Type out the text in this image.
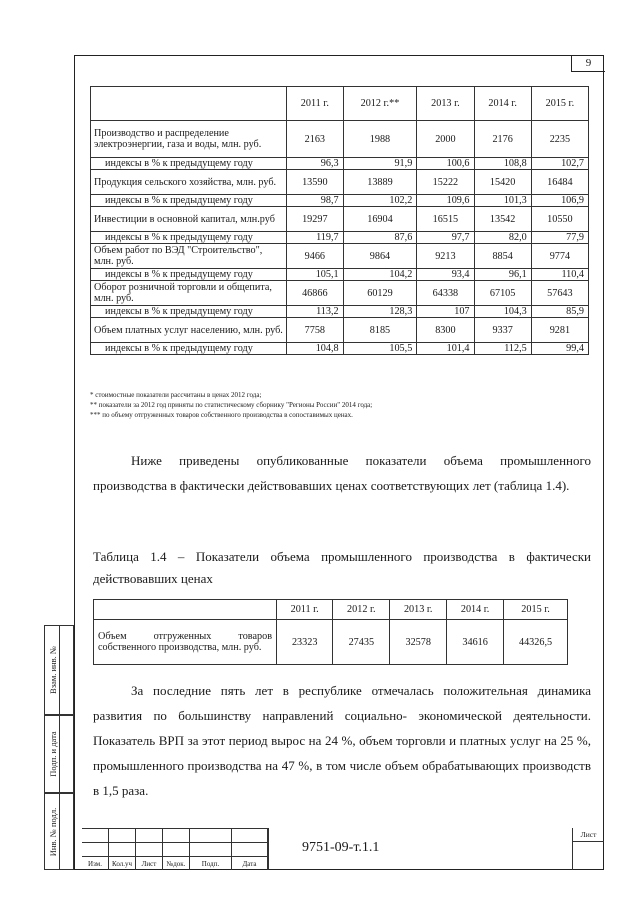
9
	2011 г.	2012 г.**	2013 г.	2014 г.	2015 г.
Производство и распределение электроэнергии, газа и воды, млн. руб.	2163	1988	2000	2176	2235
индексы в % к предыдущему году	96,3	91,9	100,6	108,8	102,7
Продукция сельского хозяйства, млн. руб.	13590	13889	15222	15420	16484
индексы в % к предыдущему году	98,7	102,2	109,6	101,3	106,9
Инвестиции в основной капитал, млн.руб	19297	16904	16515	13542	10550
индексы в % к предыдущему году	119,7	87,6	97,7	82,0	77,9
Объем работ по ВЭД "Строительство", млн. руб.	9466	9864	9213	8854	9774
индексы в % к предыдущему году	105,1	104,2	93,4	96,1	110,4
Оборот розничной торговли и общепита, млн. руб.	46866	60129	64338	67105	57643
индексы в % к предыдущему году	113,2	128,3	107	104,3	85,9
Объем платных услуг населению, млн. руб.	7758	8185	8300	9337	9281
индексы в % к предыдущему году	104,8	105,5	101,4	112,5	99,4
* стоимостные показатели рассчитаны в ценах 2012 года;
** показатели за 2012 год приняты по статистическому сборнику "Регионы России" 2014 года;
*** по объему отгруженных товаров собственного производства в сопоставимых ценах.

Ниже приведены опубликованные показатели объема промышленного производства в фактически действовавших ценах соответствующих лет (таблица 1.4).

Таблица 1.4 – Показатели объема промышленного производства в фактически действовавших ценах
	2011 г.	2012 г.	2013 г.	2014 г.	2015 г.
Объем отгруженных товаров собственного производства, млн. руб.	23323	27435	32578	34616	44326,5

За последние пять лет в республике отмечалась положительная динамика развития по большинству направлений социально- экономической деятельности. Показатель ВРП за этот период вырос на 24 %, объем торговли и платных услуг на 25 %, промышленного производства на 47 %, в том числе объем обрабатывающих производств в 1,5 раза.

Взам. инв. №
Подп. и дата
Инв. № подл.
Изм.	Кол.уч	Лист	№док.	Подп.	Дата
9751-09-т.1.1
Лист
